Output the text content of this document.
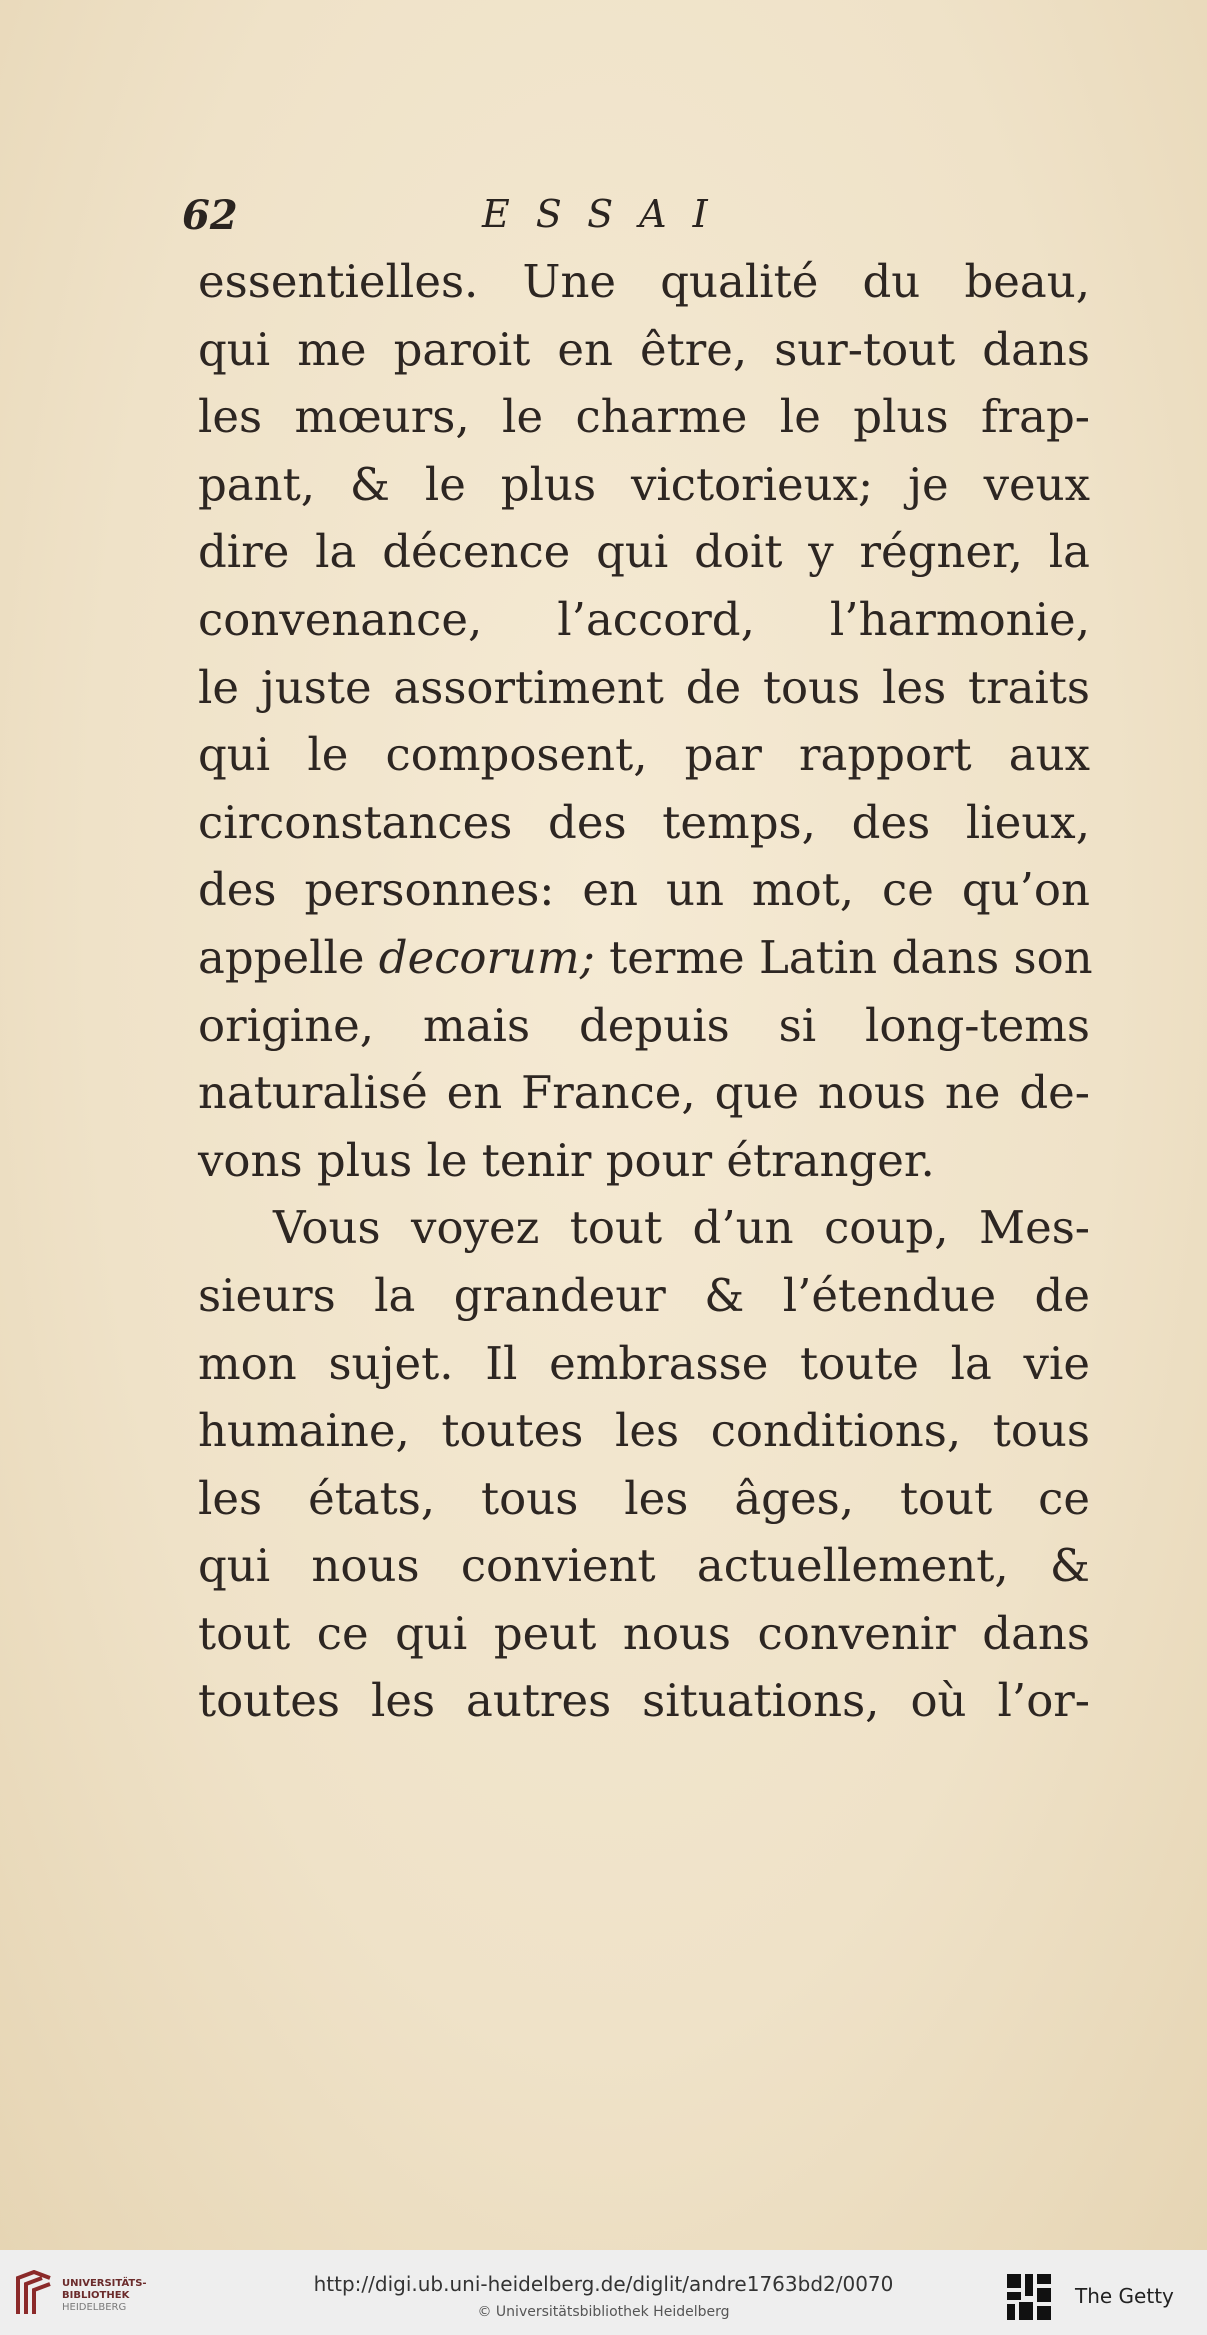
62	ESSAI
essentielles. Une qualité du beau,
qui me paroit en être, sur-tout dans
les mœurs, le charme le plus frap-
pant, & le plus victorieux; je veux
dire la décence qui doit y régner, la
convenance, l’accord, l’harmonie,
le juste assortiment de tous les traits
qui le composent, par rapport aux
circonstances des temps, des lieux,
des personnes: en un mot, ce qu’on
appelle decorum; terme Latin dans son
origine, mais depuis si long-tems
naturalisé en France, que nous ne de-
vons plus le tenir pour étranger.
Vous voyez tout d’un coup, Mes-
sieurs la grandeur & l’étendue de
mon sujet. Il embrasse toute la vie
humaine, toutes les conditions, tous
les états, tous les âges, tout ce
qui nous convient actuellement, &
tout ce qui peut nous convenir dans
toutes les autres situations, où l’or-
UNIVERSITÄTS-
BIBLIOTHEK
HEIDELBERG
http://digi.ub.uni-heidelberg.de/diglit/andre1763bd2/0070
© Universitätsbibliothek Heidelberg
The Getty
